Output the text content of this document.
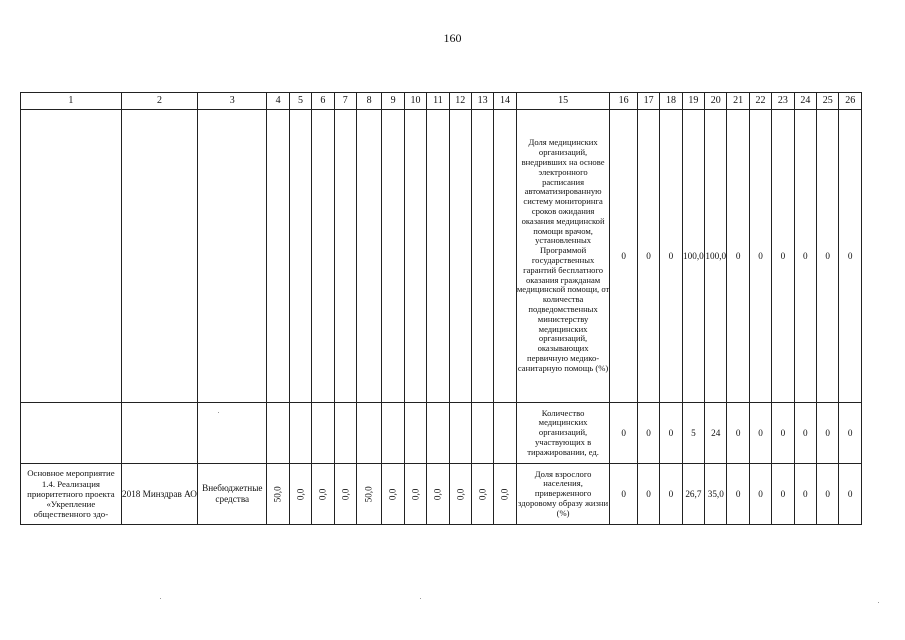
160
1	2	3	4	5	6	7	8	9	10	11	12	13	14	15	16	17	18	19	20	21	22	23	24	25	26
														Доля медицинских организаций, внедривших на основе электронного расписания автоматизированную систему мониторинга сроков ожидания оказания медицинской помощи врачом, установленных Программой государственных гарантий бесплатного оказания гражданам медицинской помощи, от количества подведомственных министерству медицинских организаций, оказывающих первичную медико-санитарную помощь (%)	0	0	0	100,0	100,0	0	0	0	0	0	0
														Количество медицинских организаций, участвующих в тиражировании, ед.	0	0	0	5	24	0	0	0	0	0	0
Основное мероприятие 1.4. Реализация приоритетного проекта «Укрепление общественного здо-	2018 Минздрав АО	Внебюджетные средства	50,0	0,0	0,0	0,0	50,0	0,0	0,0	0,0	0,0	0,0	0,0	Доля взрослого населения, приверженного здоровому образу жизни (%)	0	0	0	26,7	35,0	0	0	0	0	0	0
